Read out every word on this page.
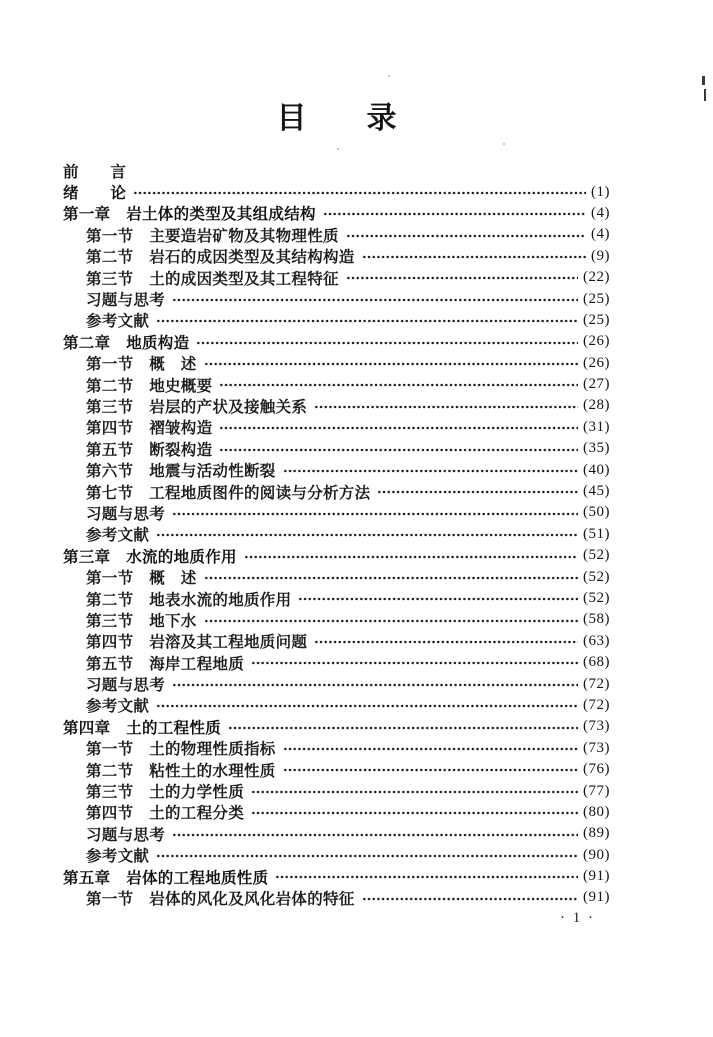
目　　录
前　　言
绪　　论	(1)
第一章　岩土体的类型及其组成结构	(4)
第一节　主要造岩矿物及其物理性质	(4)
第二节　岩石的成因类型及其结构构造	(9)
第三节　土的成因类型及其工程特征	(22)
习题与思考	(25)
参考文献	(25)
第二章　地质构造	(26)
第一节　概　述	(26)
第二节　地史概要	(27)
第三节　岩层的产状及接触关系	(28)
第四节　褶皱构造	(31)
第五节　断裂构造	(35)
第六节　地震与活动性断裂	(40)
第七节　工程地质图件的阅读与分析方法	(45)
习题与思考	(50)
参考文献	(51)
第三章　水流的地质作用	(52)
第一节　概　述	(52)
第二节　地表水流的地质作用	(52)
第三节　地下水	(58)
第四节　岩溶及其工程地质问题	(63)
第五节　海岸工程地质	(68)
习题与思考	(72)
参考文献	(72)
第四章　土的工程性质	(73)
第一节　土的物理性质指标	(73)
第二节　粘性土的水理性质	(76)
第三节　土的力学性质	(77)
第四节　土的工程分类	(80)
习题与思考	(89)
参考文献	(90)
第五章　岩体的工程地质性质	(91)
第一节　岩体的风化及风化岩体的特征	(91)
· 1 ·
